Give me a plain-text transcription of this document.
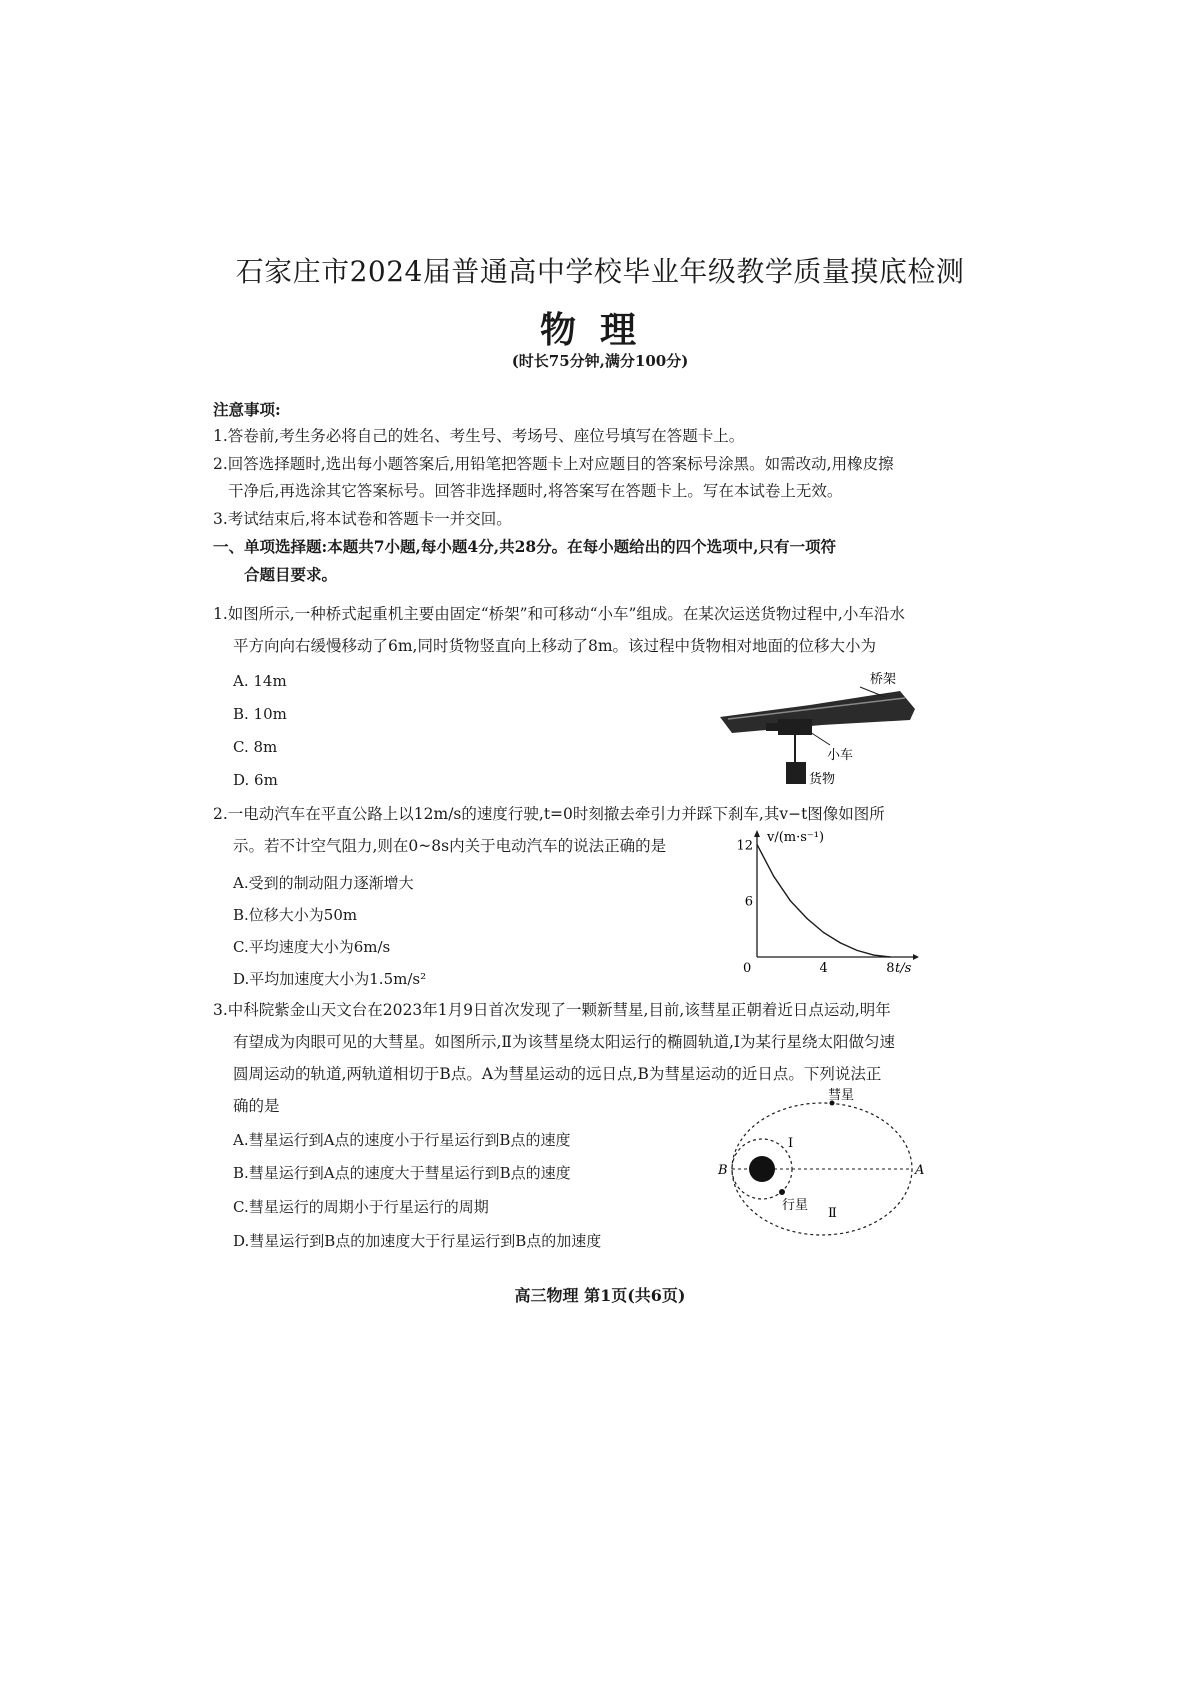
石家庄市2024届普通高中学校毕业年级教学质量摸底检测
物理
(时长75分钟,满分100分)
注意事项:
1.答卷前,考生务必将自己的姓名、考生号、考场号、座位号填写在答题卡上。
2.回答选择题时,选出每小题答案后,用铅笔把答题卡上对应题目的答案标号涂黑。如需改动,用橡皮擦
干净后,再选涂其它答案标号。回答非选择题时,将答案写在答题卡上。写在本试卷上无效。
3.考试结束后,将本试卷和答题卡一并交回。
一、单项选择题:本题共7小题,每小题4分,共28分。在每小题给出的四个选项中,只有一项符
合题目要求。
1.如图所示,一种桥式起重机主要由固定“桥架”和可移动“小车”组成。在某次运送货物过程中,小车沿水
平方向向右缓慢移动了6m,同时货物竖直向上移动了8m。该过程中货物相对地面的位移大小为
A. 14m
B. 10m
C. 8m
D. 6m
桥架
小车
货物
2.一电动汽车在平直公路上以12m/s的速度行驶,t=0时刻撤去牵引力并踩下刹车,其v−t图像如图所
示。若不计空气阻力,则在0~8s内关于电动汽车的说法正确的是
A.受到的制动阻力逐渐增大
B.位移大小为50m
C.平均速度大小为6m/s
D.平均加速度大小为1.5m/s²
v/(m·s⁻¹)
t/s
0
6
12
4	8
3.中科院紫金山天文台在2023年1月9日首次发现了一颗新彗星,目前,该彗星正朝着近日点运动,明年
有望成为肉眼可见的大彗星。如图所示,Ⅱ为该彗星绕太阳运行的椭圆轨道,Ⅰ为某行星绕太阳做匀速
圆周运动的轨道,两轨道相切于B点。A为彗星运动的远日点,B为彗星运动的近日点。下列说法正
确的是
A.彗星运行到A点的速度小于行星运行到B点的速度
B.彗星运行到A点的速度大于彗星运行到B点的速度
C.彗星运行的周期小于行星运行的周期
D.彗星运行到B点的加速度大于行星运行到B点的加速度
彗星
行星
Ⅰ
Ⅱ
A
B
高三物理 第1页(共6页)
